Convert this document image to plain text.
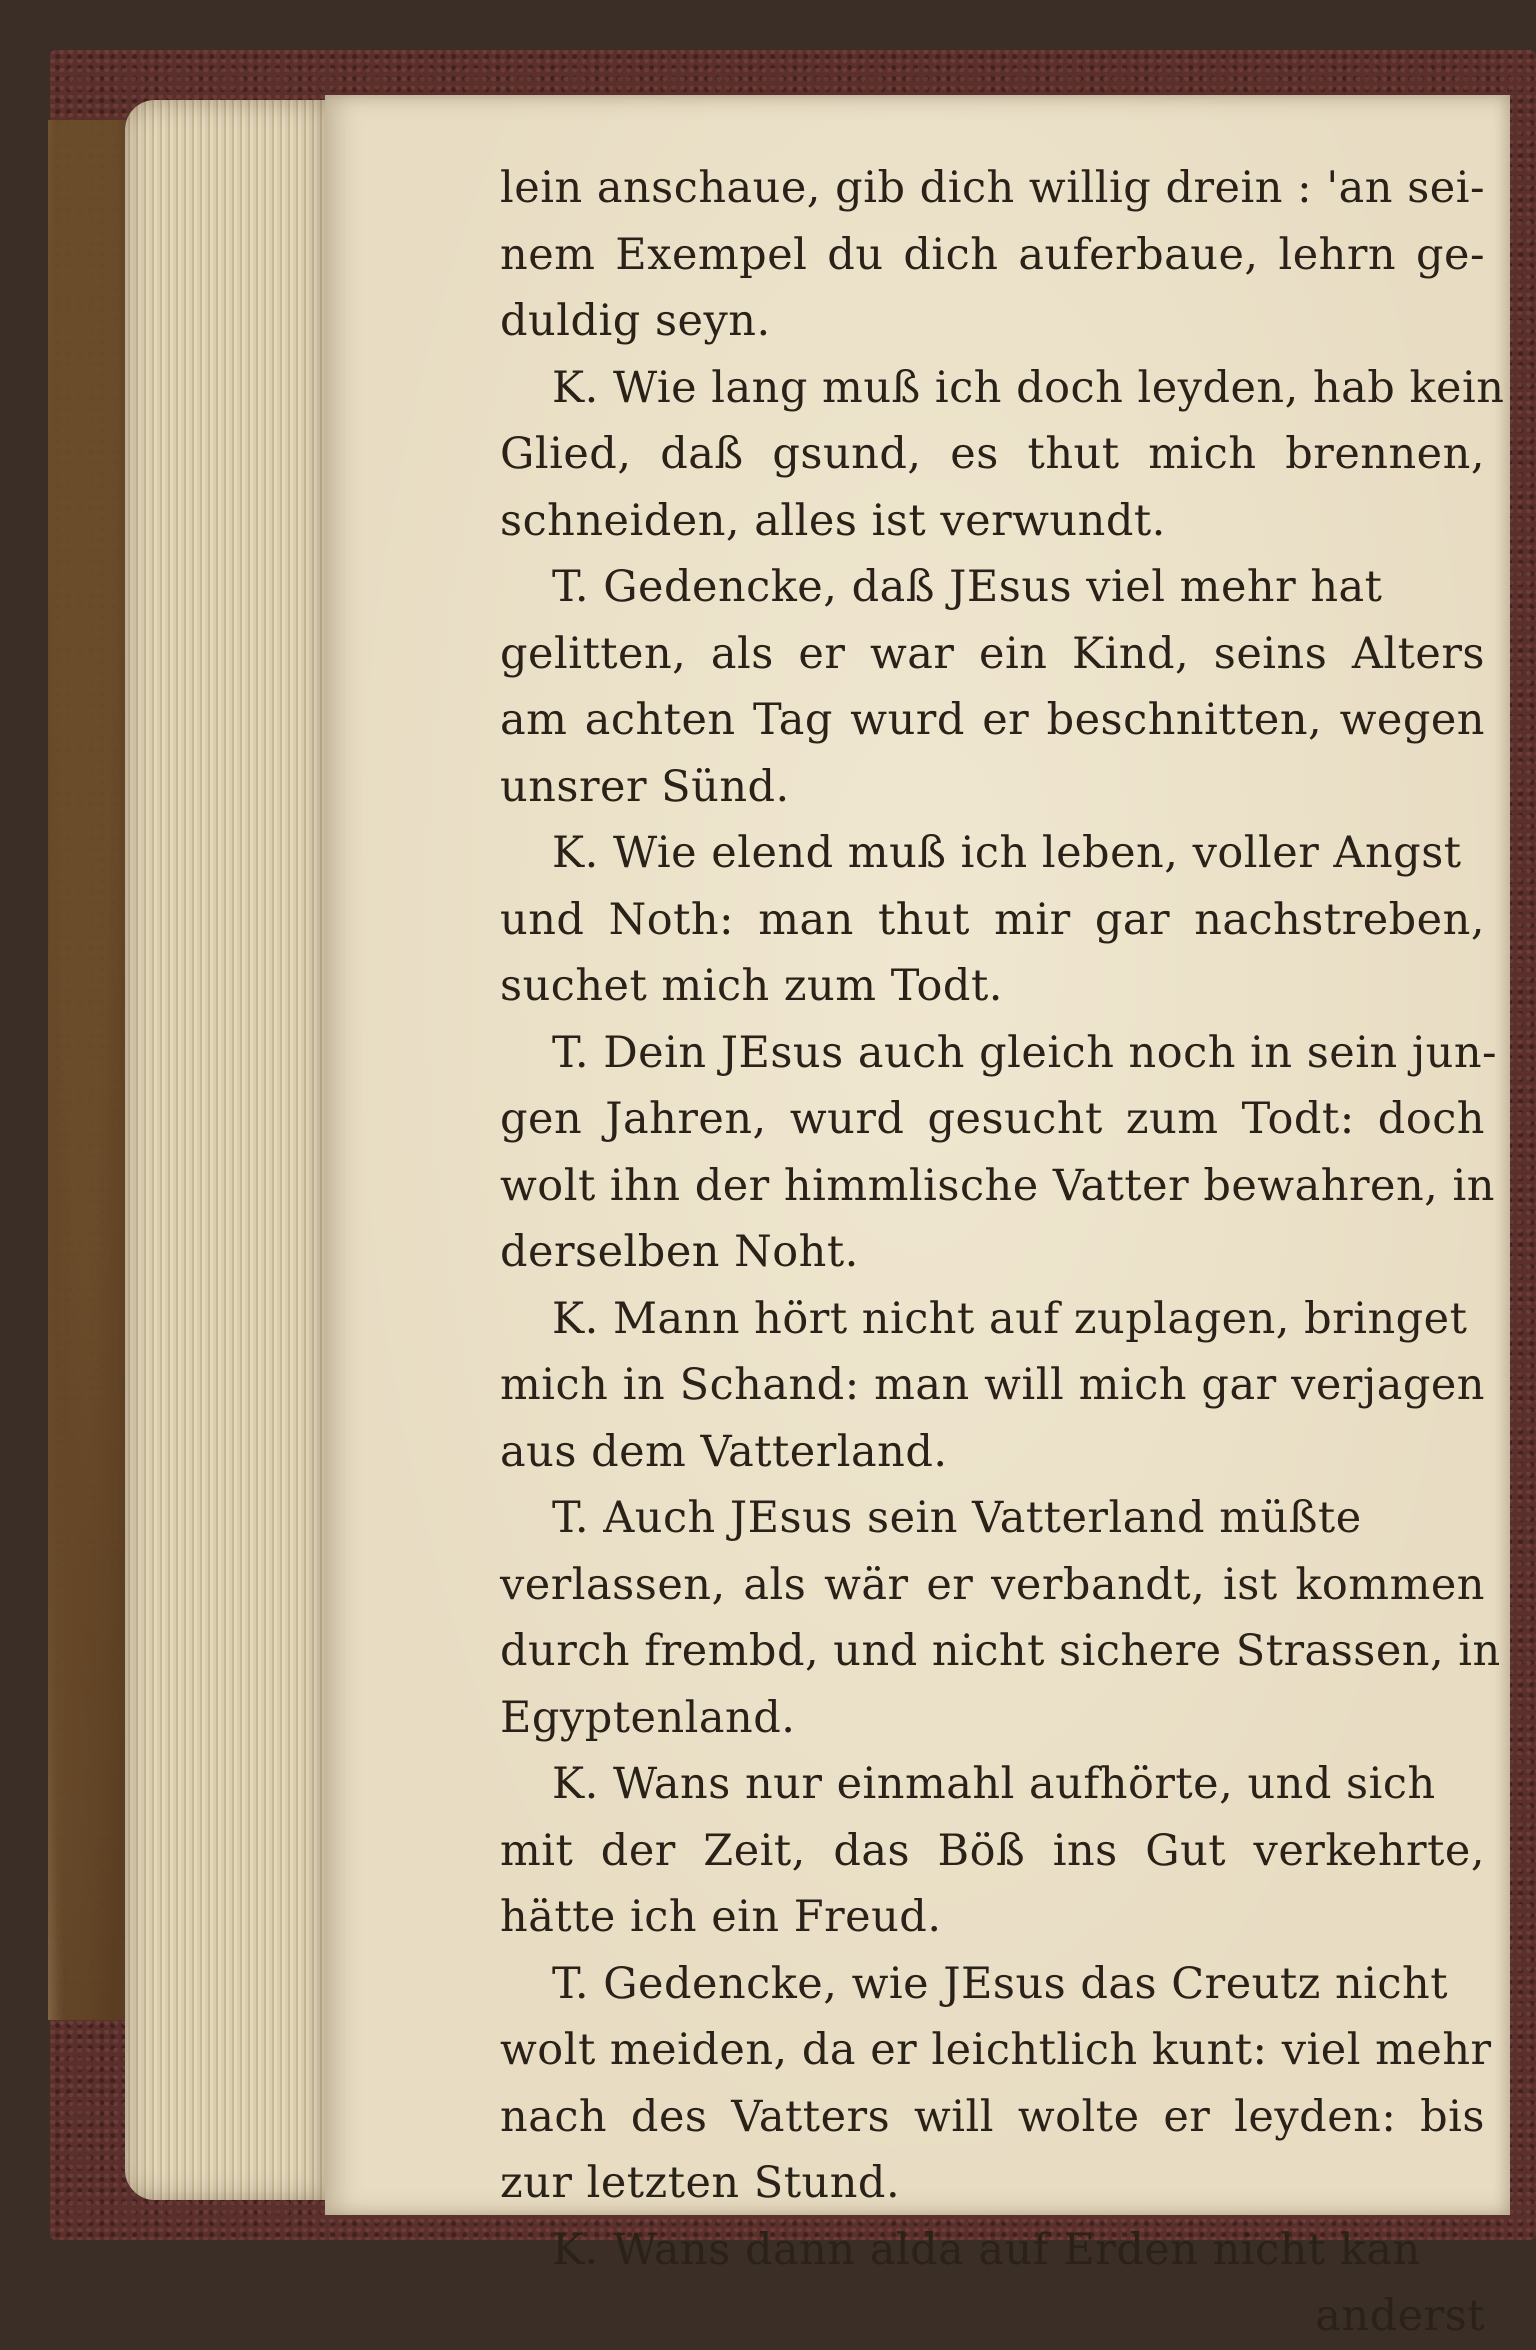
lein anschaue, gib dich willig drein : 'an sei-
nem Exempel du dich auferbaue, lehrn ge-
duldig seyn.
K. Wie lang muß ich doch leyden, hab kein
Glied, daß gsund, es thut mich brennen,
schneiden, alles ist verwundt.
T. Gedencke, daß JEsus viel mehr hat
gelitten, als er war ein Kind, seins Alters
am achten Tag wurd er beschnitten, wegen
unsrer Sünd.
K. Wie elend muß ich leben, voller Angst
und Noth: man thut mir gar nachstreben,
suchet mich zum Todt.
T. Dein JEsus auch gleich noch in sein jun-
gen Jahren, wurd gesucht zum Todt: doch
wolt ihn der himmlische Vatter bewahren, in
derselben Noht.
K. Mann hört nicht auf zuplagen, bringet
mich in Schand: man will mich gar verjagen
aus dem Vatterland.
T. Auch JEsus sein Vatterland müßte
verlassen, als wär er verbandt, ist kommen
durch frembd, und nicht sichere Strassen, in
Egyptenland.
K. Wans nur einmahl aufhörte, und sich
mit der Zeit, das Böß ins Gut verkehrte,
hätte ich ein Freud.
T. Gedencke, wie JEsus das Creutz nicht
wolt meiden, da er leichtlich kunt: viel mehr
nach des Vatters will wolte er leyden: bis
zur letzten Stund.
K. Wans dann alda auf Erden nicht kan
anderst
